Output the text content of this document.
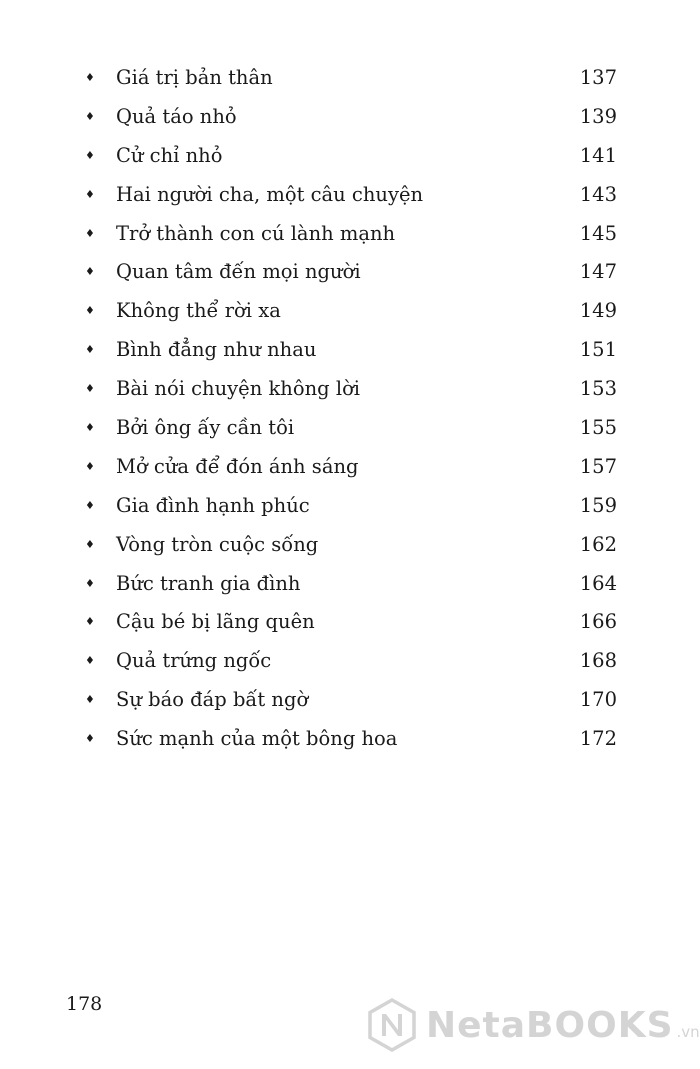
♦ Giá trị bản thân	137
♦ Quả táo nhỏ	139
♦ Cử chỉ nhỏ	141
♦ Hai người cha, một câu chuyện	143
♦ Trở thành con cú lành mạnh	145
♦ Quan tâm đến mọi người	147
♦ Không thể rời xa	149
♦ Bình đẳng như nhau	151
♦ Bài nói chuyện không lời	153
♦ Bởi ông ấy cần tôi	155
♦ Mở cửa để đón ánh sáng	157
♦ Gia đình hạnh phúc	159
♦ Vòng tròn cuộc sống	162
♦ Bức tranh gia đình	164
♦ Cậu bé bị lãng quên	166
♦ Quả trứng ngốc	168
♦ Sự báo đáp bất ngờ	170
♦ Sức mạnh của một bông hoa	172
178
NetaBOOKS .vn
